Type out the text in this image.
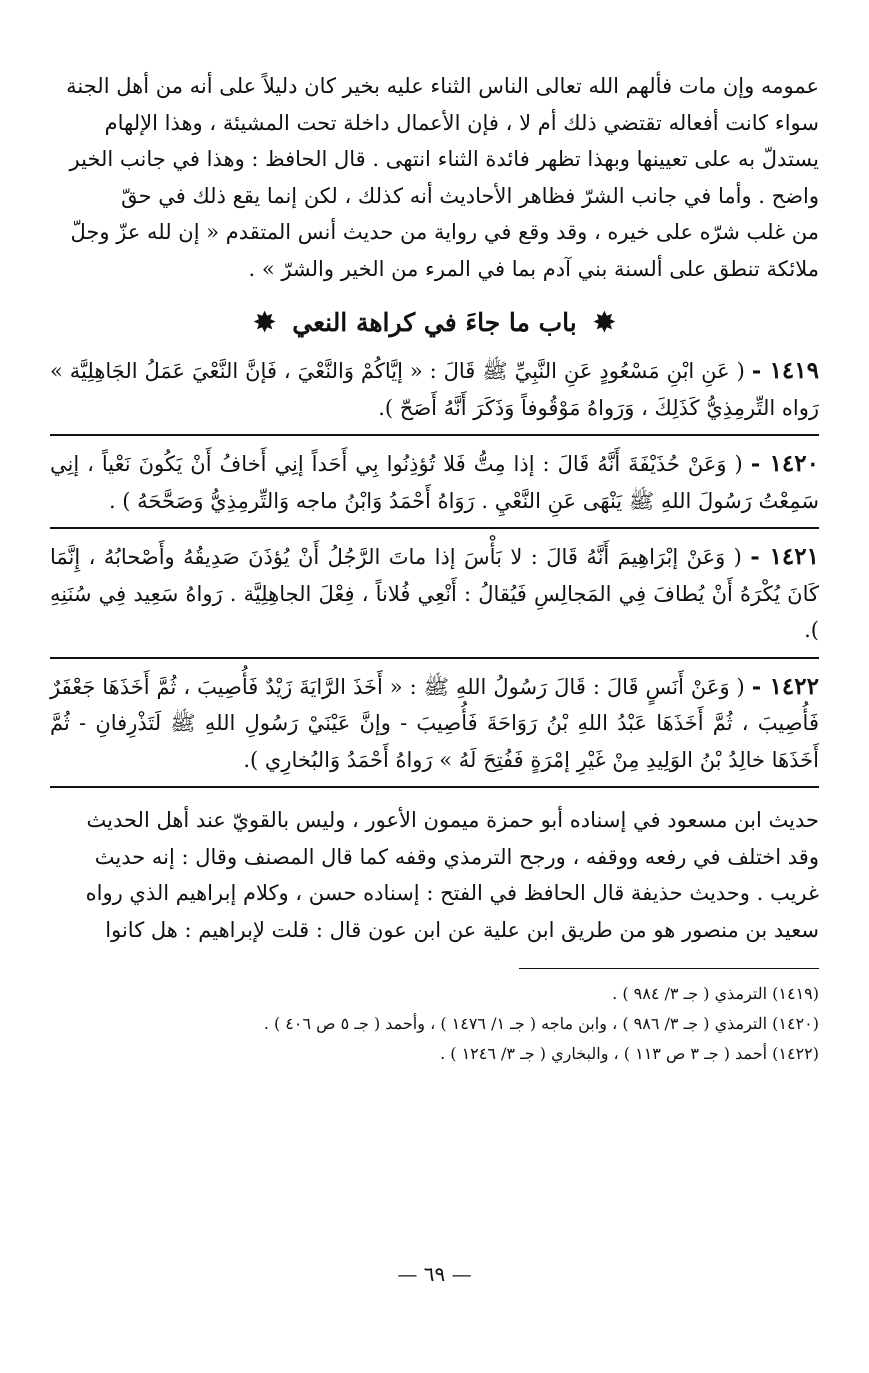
عمومه وإن مات فألهم الله تعالى الناس الثناء عليه بخير كان دليلاً على أنه من أهل الجنة
سواء كانت أفعاله تقتضي ذلك أم لا ، فإن الأعمال داخلة تحت المشيئة ، وهذا الإلهام
يستدلّ به على تعيينها وبهذا تظهر فائدة الثناء انتهى . قال الحافظ : وهذا في جانب الخير
واضح . وأما في جانب الشرّ فظاهر الأحاديث أنه كذلك ، لكن إنما يقع ذلك في حقّ
من غلب شرّه على خيره ، وقد وقع في رواية من حديث أنس المتقدم « إن لله عزّ وجلّ
ملائكة تنطق على ألسنة بني آدم بما في المرء من الخير والشرّ » .
✸ باب ما جاءَ في كراهة النعي ✸

١٤١٩ - ( عَنِ ابْنِ مَسْعُودٍ عَنِ النَّبِيِّ ﷺ قَالَ : « إيَّاكُمْ وَالنَّعْيَ ، فَإنَّ النَّعْيَ عَمَلُ الجَاهِلِيَّة » رَواه التِّرمِذِيُّ كَذَلِكَ ، وَرَواهُ مَوْقُوفاً وَذَكَرَ أَنَّهُ أَصَحّ ).

١٤٢٠ - ( وَعَنْ حُذَيْفَةَ أَنَّهُ قَالَ : إذا مِتُّ فَلا تُؤذِنُوا بِي أَحَداً إنِي أَخافُ أَنْ يَكُونَ نَعْياً ، إنِي سَمِعْتُ رَسُولَ اللهِ ﷺ يَنْهَى عَنِ النَّعْيِ . رَوَاهُ أَحْمَدُ وَابْنُ ماجه وَالتِّرمِذِيُّ وَصَحَّحَهُ ) .

١٤٢١ - ( وَعَنْ إبْرَاهِيمَ أَنَّهُ قَالَ : لا بَأْسَ إذا ماتَ الرَّجُلُ أَنْ يُؤذَنَ صَدِيقُهُ وأَصْحابُهُ ، إِنَّمَا كَانَ يُكْرَهُ أَنْ يُطافَ فِي المَجالِسِ فَيُقالُ : أَنْعِي فُلاناً ، فِعْلَ الجاهِلِيَّة . رَواهُ سَعِيد فِي سُنَنِهِ ).

١٤٢٢ - ( وَعَنْ أَنَسٍ قَالَ : قَالَ رَسُولُ اللهِ ﷺ : « أَخَذَ الرَّايَةَ زَيْدٌ فَأُصِيبَ ، ثُمَّ أَخَذَهَا جَعْفَرٌ فَأُصِيبَ ، ثُمَّ أَخَذَهَا عَبْدُ اللهِ بْنُ رَوَاحَةَ فَأُصِيبَ - وإنَّ عَيْنَيْ رَسُولِ اللهِ ﷺ لَتَذْرِفانِ - ثُمَّ أَخَذَهَا خالِدُ بْنُ الوَلِيدِ مِنْ غَيْرِ إمْرَةٍ فَفُتِحَ لَهُ » رَواهُ أَحْمَدُ وَالبُخارِي ).

حديث ابن مسعود في إسناده أبو حمزة ميمون الأعور ، وليس بالقويّ عند أهل الحديث
وقد اختلف في رفعه ووقفه ، ورجح الترمذي وقفه كما قال المصنف وقال : إنه حديث
غريب . وحديث حذيفة قال الحافظ في الفتح : إسناده حسن ، وكلام إبراهيم الذي رواه
سعيد بن منصور هو من طريق ابن علية عن ابن عون قال : قلت لإبراهيم : هل كانوا

(١٤١٩) الترمذي ( جـ ٣/ ٩٨٤ ) .

(١٤٢٠) الترمذي ( جـ ٣/ ٩٨٦ ) ، وابن ماجه ( جـ ١/ ١٤٧٦ ) ، وأحمد ( جـ ٥ ص ٤٠٦ ) .

(١٤٢٢) أحمد ( جـ ٣ ص ١١٣ ) ، والبخاري ( جـ ٣/ ١٢٤٦ ) .

— ٦٩ —
